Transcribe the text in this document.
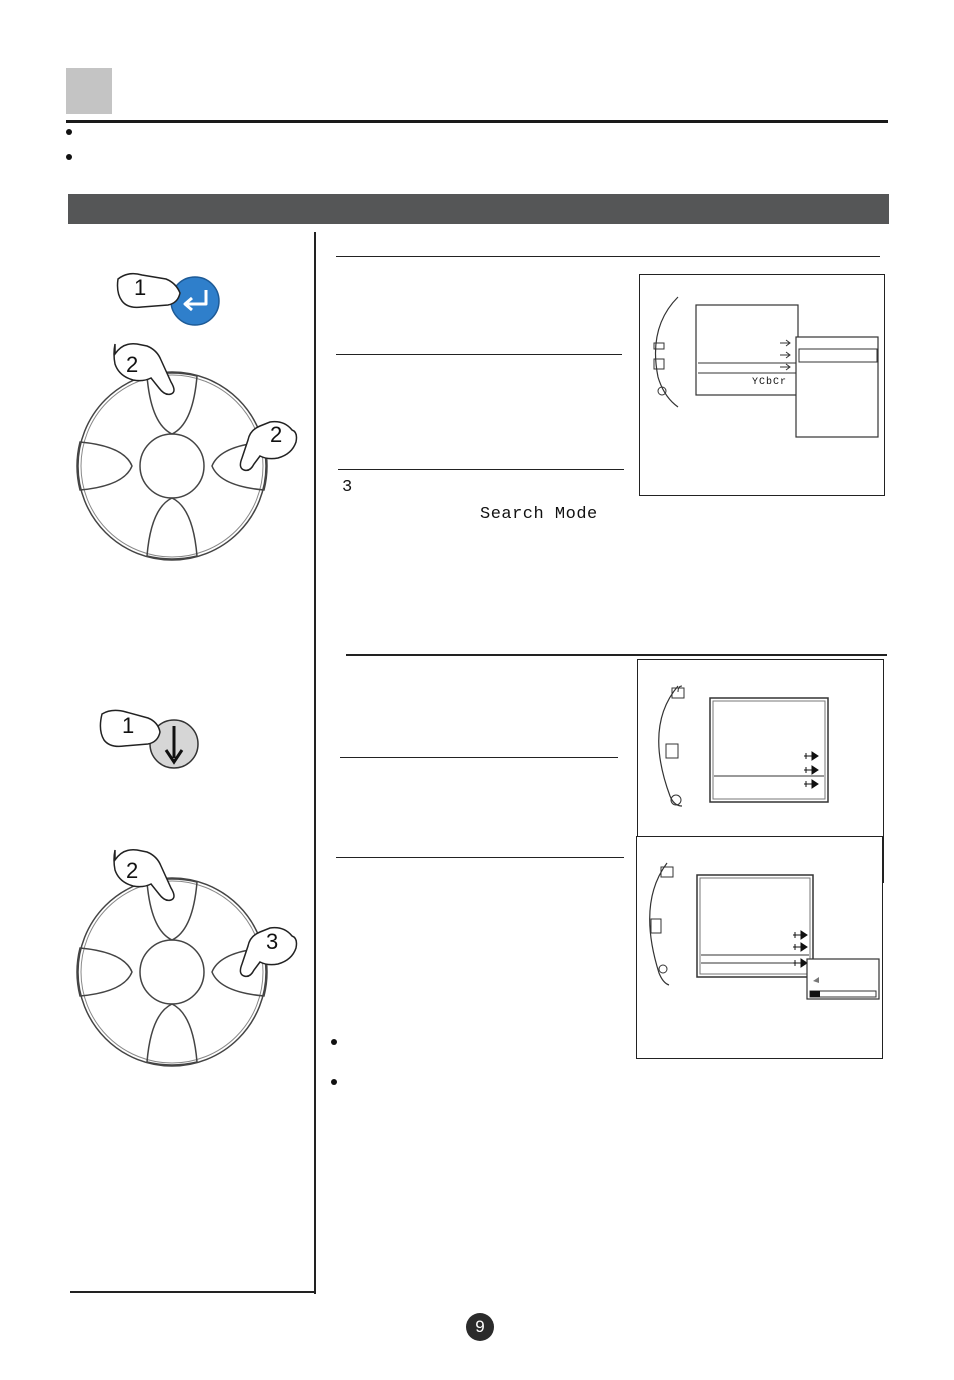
1
2
2
1
2
3
3
Search Mode
YCbCr
9
